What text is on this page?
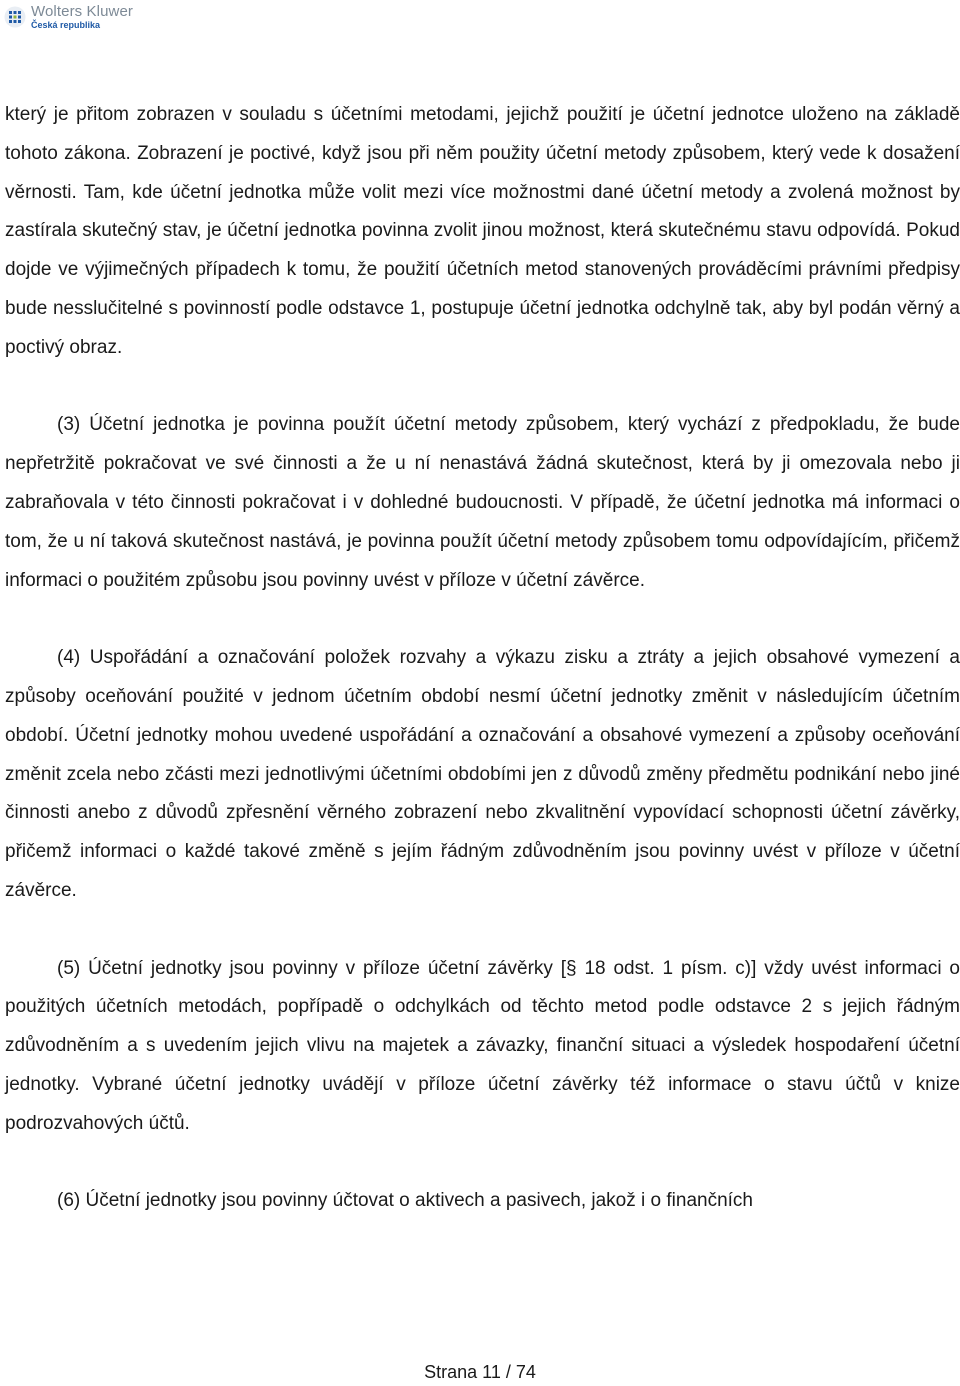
Wolters Kluwer
Česká republika

který je přitom zobrazen v souladu s účetními metodami, jejichž použití je účetní jednotce uloženo na základě tohoto zákona. Zobrazení je poctivé, když jsou při něm použity účetní metody způsobem, který vede k dosažení věrnosti. Tam, kde účetní jednotka může volit mezi více možnostmi dané účetní metody a zvolená možnost by zastírala skutečný stav, je účetní jednotka povinna zvolit jinou možnost, která skutečnému stavu odpovídá. Pokud dojde ve výjimečných případech k tomu, že použití účetních metod stanovených prováděcími právními předpisy bude nesslučitelné s povinností podle odstavce 1, postupuje účetní jednotka odchylně tak, aby byl podán věrný a poctivý obraz.

(3) Účetní jednotka je povinna použít účetní metody způsobem, který vychází z předpokladu, že bude nepřetržitě pokračovat ve své činnosti a že u ní nenastává žádná skutečnost, která by ji omezovala nebo ji zabraňovala v této činnosti pokračovat i v dohledné budoucnosti. V případě, že účetní jednotka má informaci o tom, že u ní taková skutečnost nastává, je povinna použít účetní metody způsobem tomu odpovídajícím, přičemž informaci o použitém způsobu jsou povinny uvést v příloze v účetní závěrce.

(4) Uspořádání a označování položek rozvahy a výkazu zisku a ztráty a jejich obsahové vymezení a způsoby oceňování použité v jednom účetním období nesmí účetní jednotky změnit v následujícím účetním období. Účetní jednotky mohou uvedené uspořádání a označování a obsahové vymezení a způsoby oceňování změnit zcela nebo zčásti mezi jednotlivými účetními obdobími jen z důvodů změny předmětu podnikání nebo jiné činnosti anebo z důvodů zpřesnění věrného zobrazení nebo zkvalitnění vypovídací schopnosti účetní závěrky, přičemž informaci o každé takové změně s jejím řádným zdůvodněním jsou povinny uvést v příloze v účetní závěrce.

(5) Účetní jednotky jsou povinny v příloze účetní závěrky [§ 18 odst. 1 písm. c)] vždy uvést informaci o použitých účetních metodách, popřípadě o odchylkách od těchto metod podle odstavce 2 s jejich řádným zdůvodněním a s uvedením jejich vlivu na majetek a závazky, finanční situaci a výsledek hospodaření účetní jednotky. Vybrané účetní jednotky uvádějí v příloze účetní závěrky též informace o stavu účtů v knize podrozvahových účtů.

(6) Účetní jednotky jsou povinny účtovat o aktivech a pasivech, jakož i o finančních

Strana 11 / 74
